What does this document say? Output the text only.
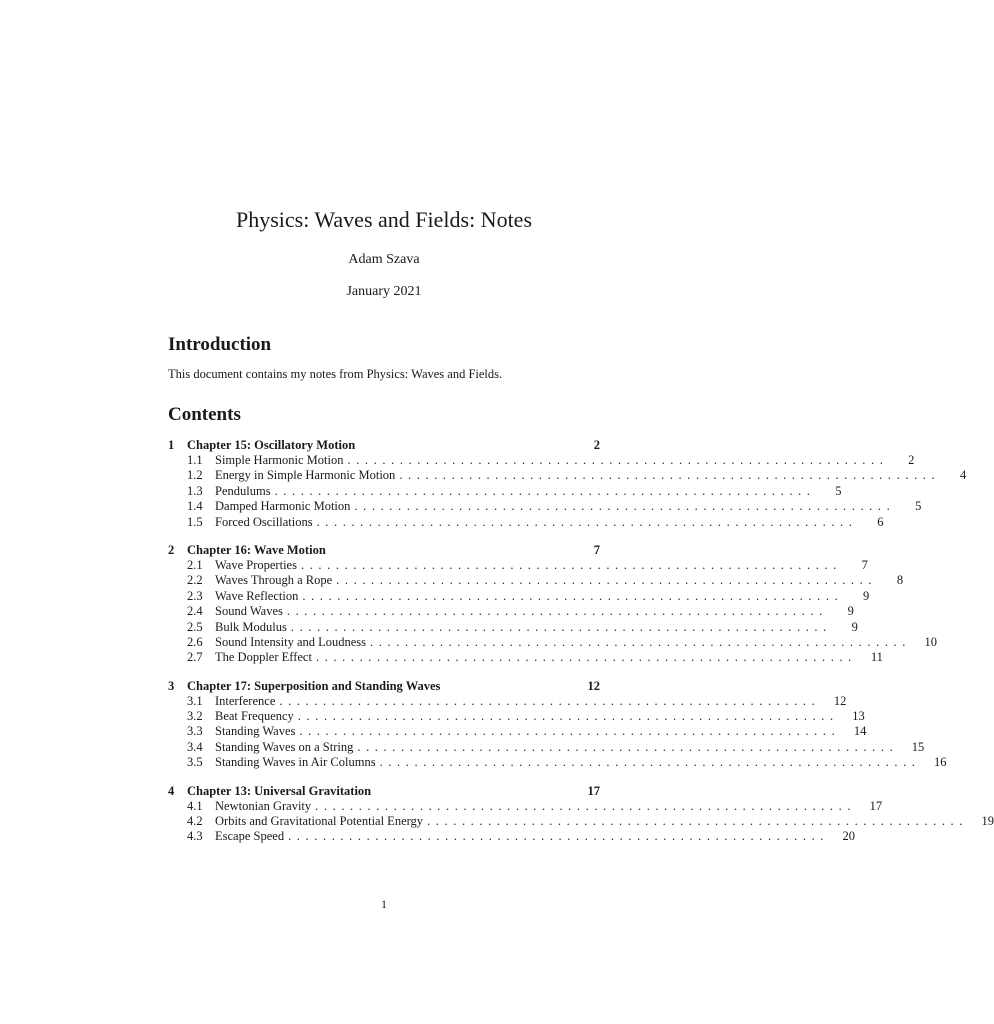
Physics: Waves and Fields: Notes
Adam Szava
January 2021
Introduction
This document contains my notes from Physics: Waves and Fields.
Contents
1	Chapter 15: Oscillatory Motion	2
1.1 Simple Harmonic Motion ..............................................................	2
1.2 Energy in Simple Harmonic Motion ..............................................................	4
1.3 Pendulums ..............................................................	5
1.4 Damped Harmonic Motion ..............................................................	5
1.5 Forced Oscillations ..............................................................	6
2	Chapter 16: Wave Motion	7
2.1 Wave Properties ..............................................................	7
2.2 Waves Through a Rope ..............................................................	8
2.3 Wave Reflection ..............................................................	9
2.4 Sound Waves ..............................................................	9
2.5 Bulk Modulus ..............................................................	9
2.6 Sound Intensity and Loudness ..............................................................	10
2.7 The Doppler Effect ..............................................................	11
3	Chapter 17: Superposition and Standing Waves	12
3.1 Interference ..............................................................	12
3.2 Beat Frequency ..............................................................	13
3.3 Standing Waves ..............................................................	14
3.4 Standing Waves on a String ..............................................................	15
3.5 Standing Waves in Air Columns ..............................................................	16
4	Chapter 13: Universal Gravitation	17
4.1 Newtonian Gravity ..............................................................	17
4.2 Orbits and Gravitational Potential Energy ..............................................................	19
4.3 Escape Speed ..............................................................	20
1
